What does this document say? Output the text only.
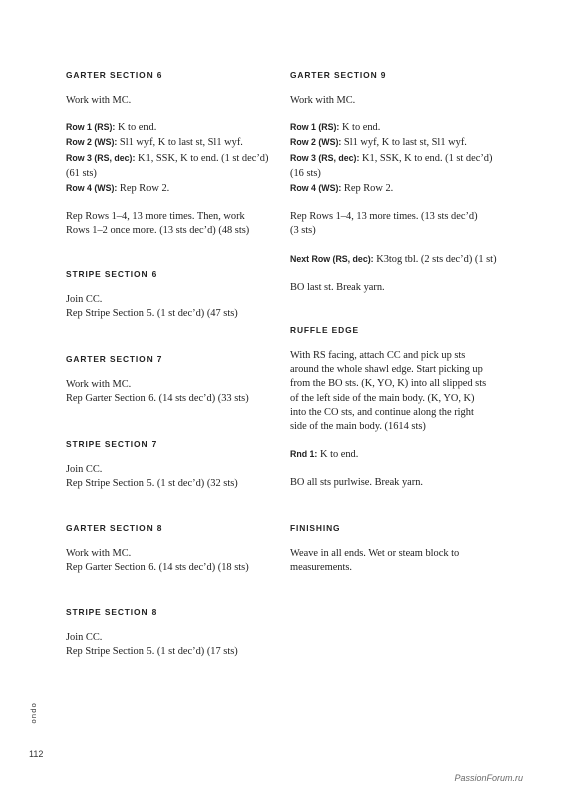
GARTER SECTION 6

Work with MC.

Row 1 (RS): K to end.
Row 2 (WS): Sl1 wyf, K to last st, Sl1 wyf.
Row 3 (RS, dec): K1, SSK, K to end. (1 st dec’d)
(61 sts)
Row 4 (WS): Rep Row 2.
Rep Rows 1–4, 13 more times. Then, work
Rows 1–2 once more. (13 sts dec’d) (48 sts)
STRIPE SECTION 6
Join CC.
Rep Stripe Section 5. (1 st dec’d) (47 sts)
GARTER SECTION 7
Work with MC.
Rep Garter Section 6. (14 sts dec’d) (33 sts)
STRIPE SECTION 7
Join CC.
Rep Stripe Section 5. (1 st dec’d) (32 sts)
GARTER SECTION 8
Work with MC.
Rep Garter Section 6. (14 sts dec’d) (18 sts)
STRIPE SECTION 8
Join CC.
Rep Stripe Section 5. (1 st dec’d) (17 sts)
GARTER SECTION 9

Work with MC.

Row 1 (RS): K to end.
Row 2 (WS): Sl1 wyf, K to last st, Sl1 wyf.
Row 3 (RS, dec): K1, SSK, K to end. (1 st dec’d)
(16 sts)
Row 4 (WS): Rep Row 2.
Rep Rows 1–4, 13 more times. (13 sts dec’d)
(3 sts)

Next Row (RS, dec): K3tog tbl. (2 sts dec’d) (1 st)

BO last st. Break yarn.

RUFFLE EDGE
With RS facing, attach CC and pick up sts
around the whole shawl edge. Start picking up
from the BO sts. (K, YO, K) into all slipped sts
of the left side of the main body. (K, YO, K)
into the CO sts, and continue along the right
side of the main body. (1614 sts)

Rnd 1: K to end.

BO all sts purlwise. Break yarn.

FINISHING
Weave in all ends. Wet or steam block to
measurements.
ondo
112
PassionForum.ru
